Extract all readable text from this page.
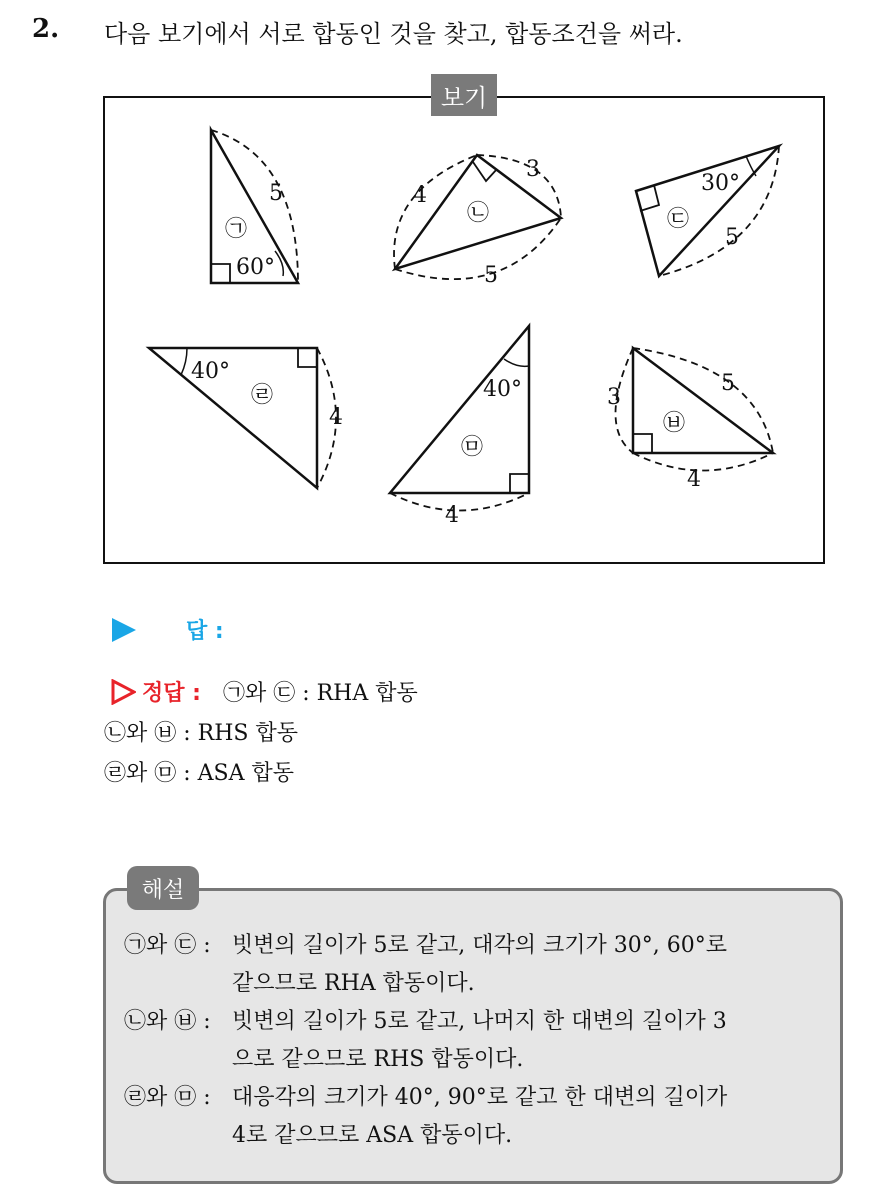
2. 다음 보기에서 서로 합동인 것을 찾고, 합동조건을 써라.
보기
5
60°
㉠
4
3
5
㉡
30°
5
㉢
40°
4
㉣	40°
4
㉤
3
5
4
㉥
답 :
정답 : ㉠와 ㉢ : RHA 합동
㉡와 ㉥ : RHS 합동
㉣와 ㉤ : ASA 합동
해설
㉠와 ㉢ : 빗변의 길이가 5로 같고, 대각의 크기가 30°, 60°로
같으므로 RHA 합동이다.
㉡와 ㉥ : 빗변의 길이가 5로 같고, 나머지 한 대변의 길이가 3
으로 같으므로 RHS 합동이다.
㉣와 ㉤ : 대응각의 크기가 40°, 90°로 같고 한 대변의 길이가
4로 같으므로 ASA 합동이다.
